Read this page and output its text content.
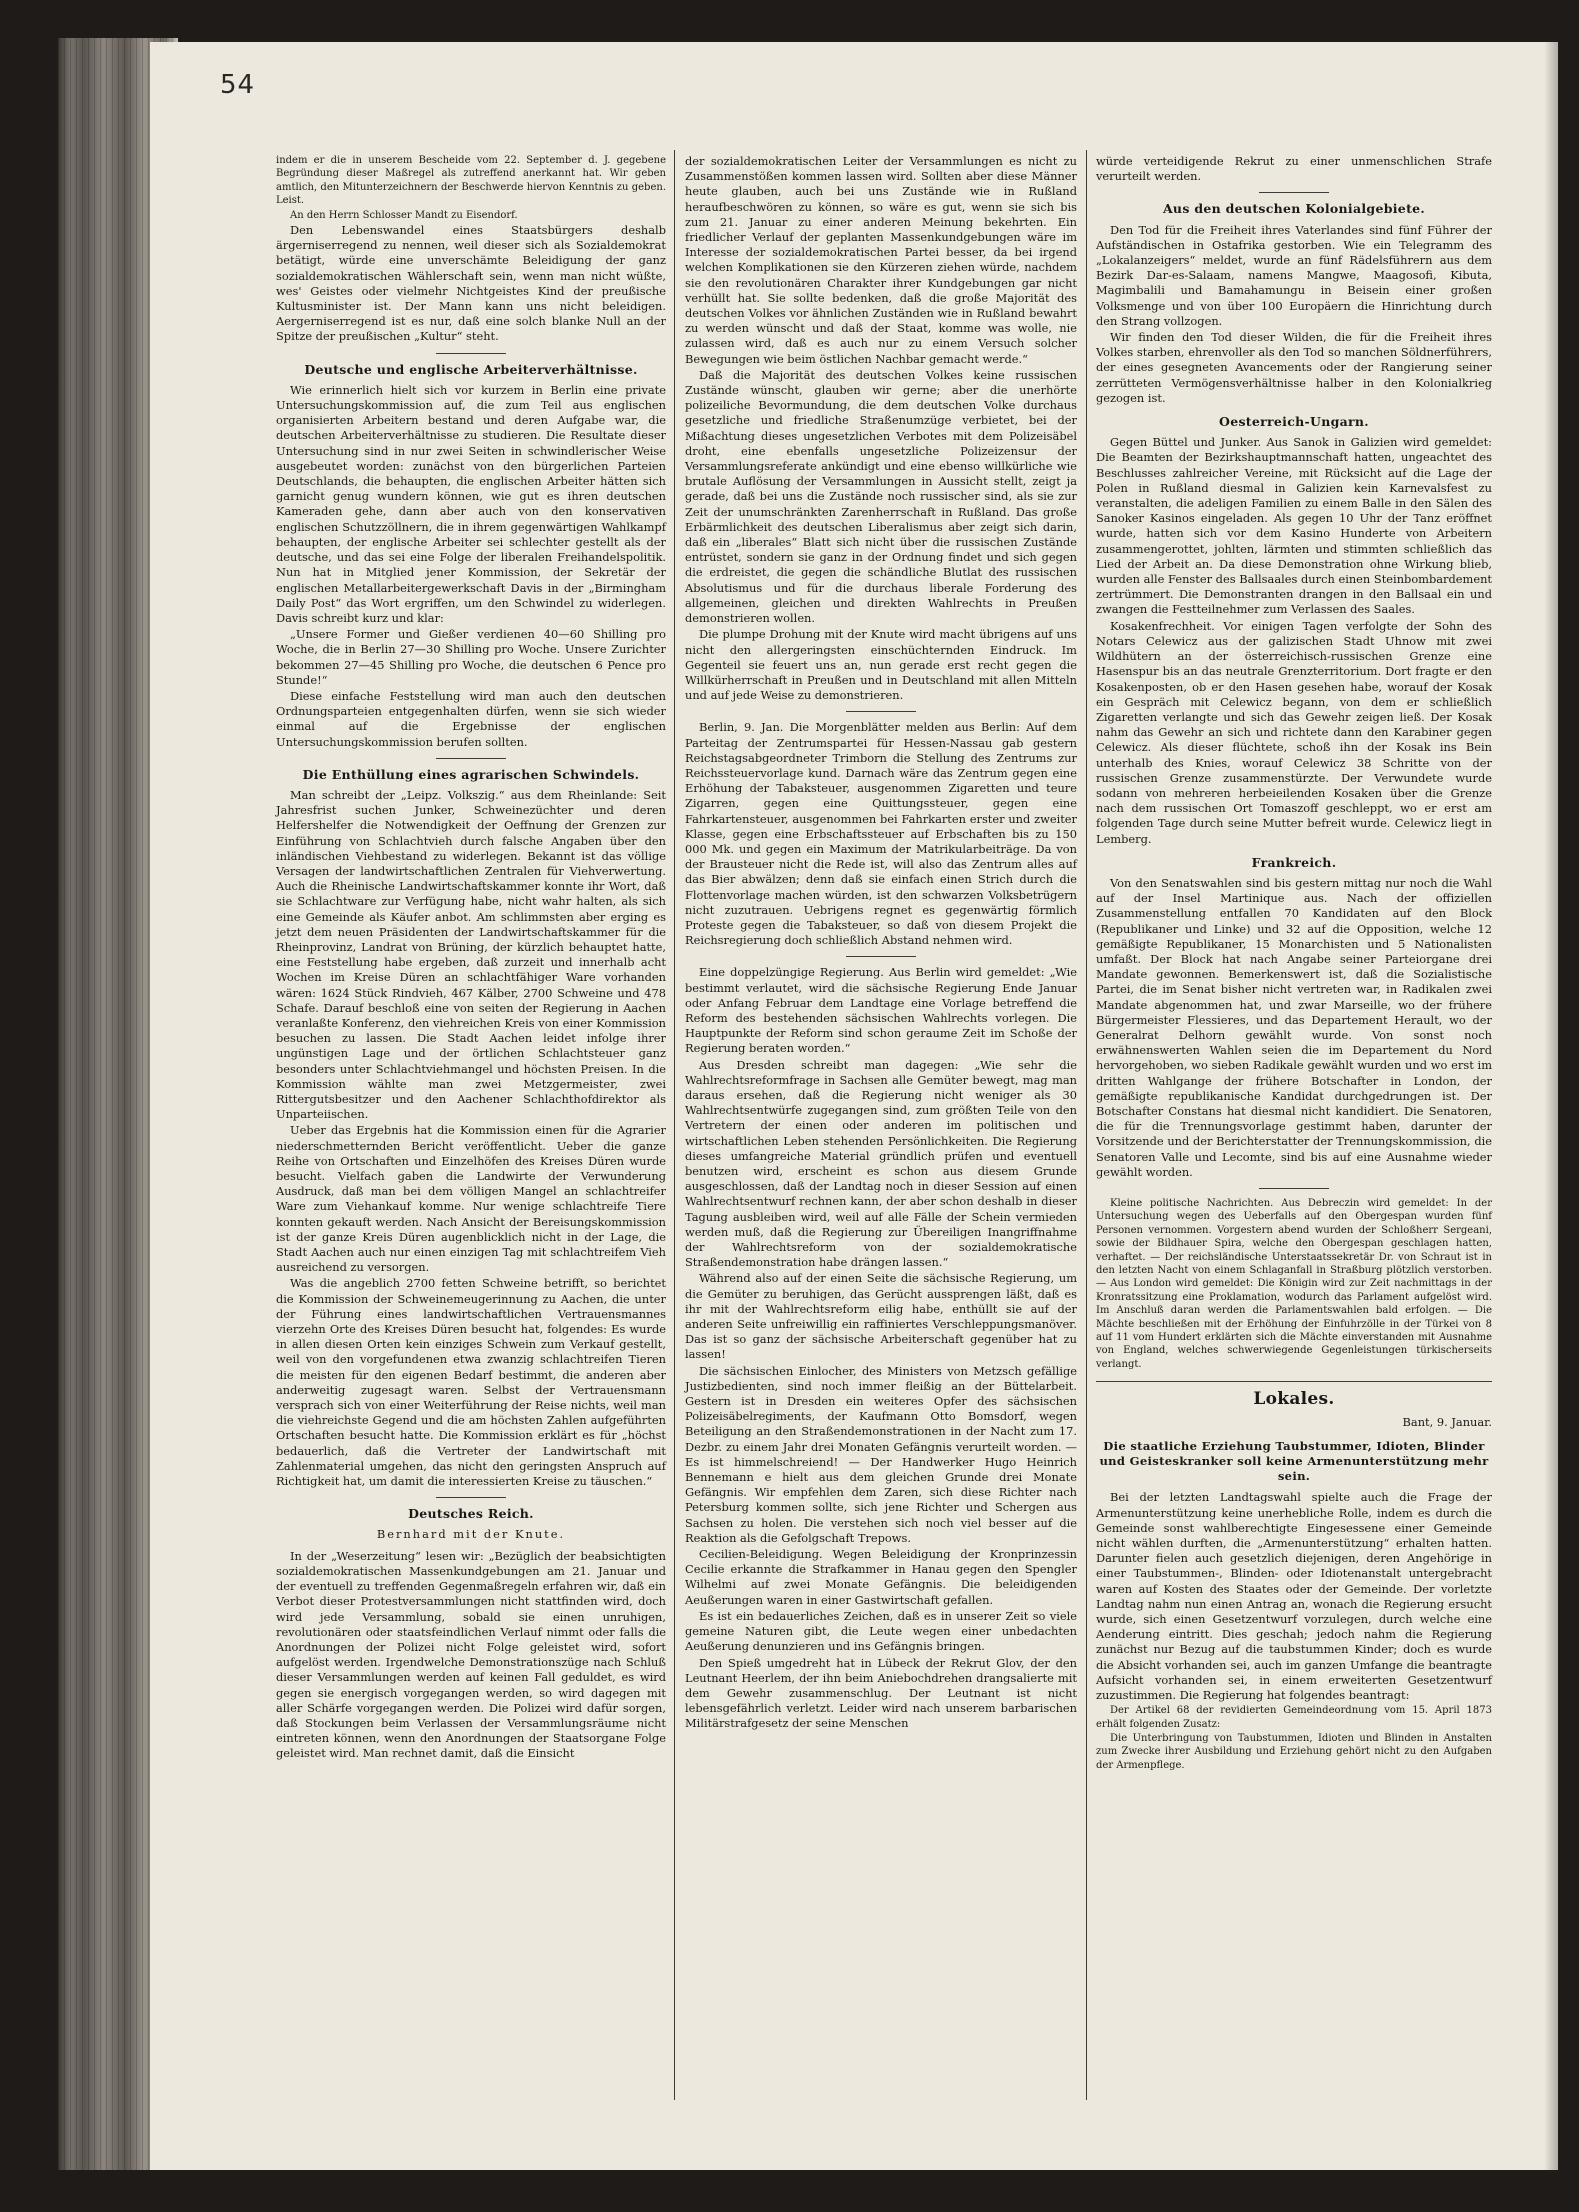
54

indem er die in unserem Bescheide vom 22. September d. J. gegebene Begründung dieser Maßregel als zutreffend anerkannt hat. Wir geben amtlich, den Mitunterzeichnern der Beschwerde hiervon Kenntnis zu geben. Leist.

An den Herrn Schlosser Mandt zu Eisendorf.

Den Lebenswandel eines Staatsbürgers deshalb ärgerniserregend zu nennen, weil dieser sich als Sozialdemokrat betätigt, würde eine unverschämte Beleidigung der ganz sozialdemokratischen Wählerschaft sein, wenn man nicht wüßte, wes' Geistes oder vielmehr Nichtgeistes Kind der preußische Kultusminister ist. Der Mann kann uns nicht beleidigen. Aergerniserregend ist es nur, daß eine solch blanke Null an der Spitze der preußischen „Kultur“ steht.

Deutsche und englische Arbeiterverhältnisse.

Wie erinnerlich hielt sich vor kurzem in Berlin eine private Untersuchungskommission auf, die zum Teil aus englischen organisierten Arbeitern bestand und deren Aufgabe war, die deutschen Arbeiterverhältnisse zu studieren. Die Resultate dieser Untersuchung sind in nur zwei Seiten in schwindlerischer Weise ausgebeutet worden: zunächst von den bürgerlichen Parteien Deutschlands, die behaupten, die englischen Arbeiter hätten sich garnicht genug wundern können, wie gut es ihren deutschen Kameraden gehe, dann aber auch von den konservativen englischen Schutzzöllnern, die in ihrem gegenwärtigen Wahlkampf behaupten, der englische Arbeiter sei schlechter gestellt als der deutsche, und das sei eine Folge der liberalen Freihandelspolitik. Nun hat in Mitglied jener Kommission, der Sekretär der englischen Metallarbeitergewerkschaft Davis in der „Birmingham Daily Post“ das Wort ergriffen, um den Schwindel zu widerlegen. Davis schreibt kurz und klar:

„Unsere Former und Gießer verdienen 40—60 Shilling pro Woche, die in Berlin 27—30 Shilling pro Woche. Unsere Zurichter bekommen 27—45 Shilling pro Woche, die deutschen 6 Pence pro Stunde!“

Diese einfache Feststellung wird man auch den deutschen Ordnungsparteien entgegenhalten dürfen, wenn sie sich wieder einmal auf die Ergebnisse der englischen Untersuchungskommission berufen sollten.

Die Enthüllung eines agrarischen Schwindels.

Man schreibt der „Leipz. Volkszig.“ aus dem Rheinlande: Seit Jahresfrist suchen Junker, Schweinezüchter und deren Helfershelfer die Notwendigkeit der Oeffnung der Grenzen zur Einführung von Schlachtvieh durch falsche Angaben über den inländischen Viehbestand zu widerlegen. Bekannt ist das völlige Versagen der landwirtschaftlichen Zentralen für Viehverwertung. Auch die Rheinische Landwirtschaftskammer konnte ihr Wort, daß sie Schlachtware zur Verfügung habe, nicht wahr halten, als sich eine Gemeinde als Käufer anbot. Am schlimmsten aber erging es jetzt dem neuen Präsidenten der Landwirtschaftskammer für die Rheinprovinz, Landrat von Brüning, der kürzlich behauptet hatte, eine Feststellung habe ergeben, daß zurzeit und innerhalb acht Wochen im Kreise Düren an schlachtfähiger Ware vorhanden wären: 1624 Stück Rindvieh, 467 Kälber, 2700 Schweine und 478 Schafe. Darauf beschloß eine von seiten der Regierung in Aachen veranlaßte Konferenz, den viehreichen Kreis von einer Kommission besuchen zu lassen. Die Stadt Aachen leidet infolge ihrer ungünstigen Lage und der örtlichen Schlachtsteuer ganz besonders unter Schlachtviehmangel und höchsten Preisen. In die Kommission wählte man zwei Metzgermeister, zwei Rittergutsbesitzer und den Aachener Schlachthofdirektor als Unparteiischen.

Ueber das Ergebnis hat die Kommission einen für die Agrarier niederschmetternden Bericht veröffentlicht. Ueber die ganze Reihe von Ortschaften und Einzelhöfen des Kreises Düren wurde besucht. Vielfach gaben die Landwirte der Verwunderung Ausdruck, daß man bei dem völligen Mangel an schlachtreifer Ware zum Viehankauf komme. Nur wenige schlachtreife Tiere konnten gekauft werden. Nach Ansicht der Bereisungskommission ist der ganze Kreis Düren augenblicklich nicht in der Lage, die Stadt Aachen auch nur einen einzigen Tag mit schlachtreifem Vieh ausreichend zu versorgen.

Was die angeblich 2700 fetten Schweine betrifft, so berichtet die Kommission der Schweinemeugerinnung zu Aachen, die unter der Führung eines landwirtschaftlichen Vertrauensmannes vierzehn Orte des Kreises Düren besucht hat, folgendes: Es wurde in allen diesen Orten kein einziges Schwein zum Verkauf gestellt, weil von den vorgefundenen etwa zwanzig schlachtreifen Tieren die meisten für den eigenen Bedarf bestimmt, die anderen aber anderweitig zugesagt waren. Selbst der Vertrauensmann versprach sich von einer Weiterführung der Reise nichts, weil man die viehreichste Gegend und die am höchsten Zahlen aufgeführten Ortschaften besucht hatte. Die Kommission erklärt es für „höchst bedauerlich, daß die Vertreter der Landwirtschaft mit Zahlenmaterial umgehen, das nicht den geringsten Anspruch auf Richtigkeit hat, um damit die interessierten Kreise zu täuschen.“

Deutsches Reich.
Bernhard mit der Knute.

In der „Weserzeitung“ lesen wir: „Bezüglich der beabsichtigten sozialdemokratischen Massenkundgebungen am 21. Januar und der eventuell zu treffenden Gegenmaßregeln erfahren wir, daß ein Verbot dieser Protestversammlungen nicht stattfinden wird, doch wird jede Versammlung, sobald sie einen unruhigen, revolutionären oder staatsfeindlichen Verlauf nimmt oder falls die Anordnungen der Polizei nicht Folge geleistet wird, sofort aufgelöst werden. Irgendwelche Demonstrationszüge nach Schluß dieser Versammlungen werden auf keinen Fall geduldet, es wird gegen sie energisch vorgegangen werden, so wird dagegen mit aller Schärfe vorgegangen werden. Die Polizei wird dafür sorgen, daß Stockungen beim Verlassen der Versammlungsräume nicht eintreten können, wenn den Anordnungen der Staatsorgane Folge geleistet wird. Man rechnet damit, daß die Einsicht

der sozialdemokratischen Leiter der Versammlungen es nicht zu Zusammenstößen kommen lassen wird. Sollten aber diese Männer heute glauben, auch bei uns Zustände wie in Rußland heraufbeschwören zu können, so wäre es gut, wenn sie sich bis zum 21. Januar zu einer anderen Meinung bekehrten. Ein friedlicher Verlauf der geplanten Massenkundgebungen wäre im Interesse der sozialdemokratischen Partei besser, da bei irgend welchen Komplikationen sie den Kürzeren ziehen würde, nachdem sie den revolutionären Charakter ihrer Kundgebungen gar nicht verhüllt hat. Sie sollte bedenken, daß die große Majorität des deutschen Volkes vor ähnlichen Zuständen wie in Rußland bewahrt zu werden wünscht und daß der Staat, komme was wolle, nie zulassen wird, daß es auch nur zu einem Versuch solcher Bewegungen wie beim östlichen Nachbar gemacht werde.“

Daß die Majorität des deutschen Volkes keine russischen Zustände wünscht, glauben wir gerne; aber die unerhörte polizeiliche Bevormundung, die dem deutschen Volke durchaus gesetzliche und friedliche Straßenumzüge verbietet, bei der Mißachtung dieses ungesetzlichen Verbotes mit dem Polizeisäbel droht, eine ebenfalls ungesetzliche Polizeizensur der Versammlungsreferate ankündigt und eine ebenso willkürliche wie brutale Auflösung der Versammlungen in Aussicht stellt, zeigt ja gerade, daß bei uns die Zustände noch russischer sind, als sie zur Zeit der unumschränkten Zarenherrschaft in Rußland. Das große Erbärmlichkeit des deutschen Liberalismus aber zeigt sich darin, daß ein „liberales“ Blatt sich nicht über die russischen Zustände entrüstet, sondern sie ganz in der Ordnung findet und sich gegen die erdreistet, die gegen die schändliche Blutlat des russischen Absolutismus und für die durchaus liberale Forderung des allgemeinen, gleichen und direkten Wahlrechts in Preußen demonstrieren wollen.

Die plumpe Drohung mit der Knute wird macht übrigens auf uns nicht den allergeringsten einschüchternden Eindruck. Im Gegenteil sie feuert uns an, nun gerade erst recht gegen die Willkürherrschaft in Preußen und in Deutschland mit allen Mitteln und auf jede Weise zu demonstrieren.

Berlin, 9. Jan. Die Morgenblätter melden aus Berlin: Auf dem Parteitag der Zentrumspartei für Hessen-Nassau gab gestern Reichstagsabgeordneter Trimborn die Stellung des Zentrums zur Reichssteuervorlage kund. Darnach wäre das Zentrum gegen eine Erhöhung der Tabaksteuer, ausgenommen Zigaretten und teure Zigarren, gegen eine Quittungssteuer, gegen eine Fahrkartensteuer, ausgenommen bei Fahrkarten erster und zweiter Klasse, gegen eine Erbschaftssteuer auf Erbschaften bis zu 150 000 Mk. und gegen ein Maximum der Matrikularbeiträge. Da von der Brausteuer nicht die Rede ist, will also das Zentrum alles auf das Bier abwälzen; denn daß sie einfach einen Strich durch die Flottenvorlage machen würden, ist den schwarzen Volksbetrügern nicht zuzutrauen. Uebrigens regnet es gegenwärtig förmlich Proteste gegen die Tabaksteuer, so daß von diesem Projekt die Reichsregierung doch schließlich Abstand nehmen wird.

Eine doppelzüngige Regierung. Aus Berlin wird gemeldet: „Wie bestimmt verlautet, wird die sächsische Regierung Ende Januar oder Anfang Februar dem Landtage eine Vorlage betreffend die Reform des bestehenden sächsischen Wahlrechts vorlegen. Die Hauptpunkte der Reform sind schon geraume Zeit im Schoße der Regierung beraten worden.“

Aus Dresden schreibt man dagegen: „Wie sehr die Wahlrechtsreformfrage in Sachsen alle Gemüter bewegt, mag man daraus ersehen, daß die Regierung nicht weniger als 30 Wahlrechtsentwürfe zugegangen sind, zum größten Teile von den Vertretern der einen oder anderen im politischen und wirtschaftlichen Leben stehenden Persönlichkeiten. Die Regierung dieses umfangreiche Material gründlich prüfen und eventuell benutzen wird, erscheint es schon aus diesem Grunde ausgeschlossen, daß der Landtag noch in dieser Session auf einen Wahlrechtsentwurf rechnen kann, der aber schon deshalb in dieser Tagung ausbleiben wird, weil auf alle Fälle der Schein vermieden werden muß, daß die Regierung zur Übereiligen Inangriffnahme der Wahlrechtsreform von der sozialdemokratische Straßendemonstration habe drängen lassen.“

Während also auf der einen Seite die sächsische Regierung, um die Gemüter zu beruhigen, das Gerücht aussprengen läßt, daß es ihr mit der Wahlrechtsreform eilig habe, enthüllt sie auf der anderen Seite unfreiwillig ein raffiniertes Verschleppungsmanöver. Das ist so ganz der sächsische Arbeiterschaft gegenüber hat zu lassen!

Die sächsischen Einlocher, des Ministers von Metzsch gefällige Justizbedienten, sind noch immer fleißig an der Büttelarbeit. Gestern ist in Dresden ein weiteres Opfer des sächsischen Polizeisäbelregiments, der Kaufmann Otto Bomsdorf, wegen Beteiligung an den Straßendemonstrationen in der Nacht zum 17. Dezbr. zu einem Jahr drei Monaten Gefängnis verurteilt worden. — Es ist himmelschreiend! — Der Handwerker Hugo Heinrich Bennemann e hielt aus dem gleichen Grunde drei Monate Gefängnis. Wir empfehlen dem Zaren, sich diese Richter nach Petersburg kommen sollte, sich jene Richter und Schergen aus Sachsen zu holen. Die verstehen sich noch viel besser auf die Reaktion als die Gefolgschaft Trepows.

Cecilien-Beleidigung. Wegen Beleidigung der Kronprinzessin Cecilie erkannte die Strafkammer in Hanau gegen den Spengler Wilhelmi auf zwei Monate Gefängnis. Die beleidigenden Aeußerungen waren in einer Gastwirtschaft gefallen.

Es ist ein bedauerliches Zeichen, daß es in unserer Zeit so viele gemeine Naturen gibt, die Leute wegen einer unbedachten Aeußerung denunzieren und ins Gefängnis bringen.

Den Spieß umgedreht hat in Lübeck der Rekrut Glov, der den Leutnant Heerlem, der ihn beim Aniebochdrehen drangsalierte mit dem Gewehr zusammenschlug. Der Leutnant ist nicht lebensgefährlich verletzt. Leider wird nach unserem barbarischen Militärstrafgesetz der seine Menschen

würde verteidigende Rekrut zu einer unmenschlichen Strafe verurteilt werden.

Aus den deutschen Kolonialgebiete.

Den Tod für die Freiheit ihres Vaterlandes sind fünf Führer der Aufständischen in Ostafrika gestorben. Wie ein Telegramm des „Lokalanzeigers“ meldet, wurde an fünf Rädelsführern aus dem Bezirk Dar-es-Salaam, namens Mangwe, Maagosofi, Kibuta, Magimbalili und Bamahamungu in Beisein einer großen Volksmenge und von über 100 Europäern die Hinrichtung durch den Strang vollzogen.

Wir finden den Tod dieser Wilden, die für die Freiheit ihres Volkes starben, ehrenvoller als den Tod so manchen Söldnerführers, der eines gesegneten Avancements oder der Rangierung seiner zerrütteten Vermögensverhältnisse halber in den Kolonialkrieg gezogen ist.

Oesterreich-Ungarn.

Gegen Büttel und Junker. Aus Sanok in Galizien wird gemeldet: Die Beamten der Bezirkshauptmannschaft hatten, ungeachtet des Beschlusses zahlreicher Vereine, mit Rücksicht auf die Lage der Polen in Rußland diesmal in Galizien kein Karnevalsfest zu veranstalten, die adeligen Familien zu einem Balle in den Sälen des Sanoker Kasinos eingeladen. Als gegen 10 Uhr der Tanz eröffnet wurde, hatten sich vor dem Kasino Hunderte von Arbeitern zusammengerottet, johlten, lärmten und stimmten schließlich das Lied der Arbeit an. Da diese Demonstration ohne Wirkung blieb, wurden alle Fenster des Ballsaales durch einen Steinbombardement zertrümmert. Die Demonstranten drangen in den Ballsaal ein und zwangen die Festteilnehmer zum Verlassen des Saales.

Kosakenfrechheit. Vor einigen Tagen verfolgte der Sohn des Notars Celewicz aus der galizischen Stadt Uhnow mit zwei Wildhütern an der österreichisch-russischen Grenze eine Hasenspur bis an das neutrale Grenzterritorium. Dort fragte er den Kosakenposten, ob er den Hasen gesehen habe, worauf der Kosak ein Gespräch mit Celewicz begann, von dem er schließlich Zigaretten verlangte und sich das Gewehr zeigen ließ. Der Kosak nahm das Gewehr an sich und richtete dann den Karabiner gegen Celewicz. Als dieser flüchtete, schoß ihn der Kosak ins Bein unterhalb des Knies, worauf Celewicz 38 Schritte von der russischen Grenze zusammenstürzte. Der Verwundete wurde sodann von mehreren herbeieilenden Kosaken über die Grenze nach dem russischen Ort Tomaszoff geschleppt, wo er erst am folgenden Tage durch seine Mutter befreit wurde. Celewicz liegt in Lemberg.

Frankreich.

Von den Senatswahlen sind bis gestern mittag nur noch die Wahl auf der Insel Martinique aus. Nach der offiziellen Zusammenstellung entfallen 70 Kandidaten auf den Block (Republikaner und Linke) und 32 auf die Opposition, welche 12 gemäßigte Republikaner, 15 Monarchisten und 5 Nationalisten umfaßt. Der Block hat nach Angabe seiner Parteiorgane drei Mandate gewonnen. Bemerkenswert ist, daß die Sozialistische Partei, die im Senat bisher nicht vertreten war, in Radikalen zwei Mandate abgenommen hat, und zwar Marseille, wo der frühere Bürgermeister Flessieres, und das Departement Herault, wo der Generalrat Delhorn gewählt wurde. Von sonst noch erwähnenswerten Wahlen seien die im Departement du Nord hervorgehoben, wo sieben Radikale gewählt wurden und wo erst im dritten Wahlgange der frühere Botschafter in London, der gemäßigte republikanische Kandidat durchgedrungen ist. Der Botschafter Constans hat diesmal nicht kandidiert. Die Senatoren, die für die Trennungsvorlage gestimmt haben, darunter der Vorsitzende und der Berichterstatter der Trennungskommission, die Senatoren Valle und Lecomte, sind bis auf eine Ausnahme wieder gewählt worden.

Kleine politische Nachrichten. Aus Debreczin wird gemeldet: In der Untersuchung wegen des Ueberfalls auf den Obergespan wurden fünf Personen vernommen. Vorgestern abend wurden der Schloßherr Sergeani, sowie der Bildhauer Spira, welche den Obergespan geschlagen hatten, verhaftet. — Der reichsländische Unterstaatssekretär Dr. von Schraut ist in den letzten Nacht von einem Schlaganfall in Straßburg plötzlich verstorben. — Aus London wird gemeldet: Die Königin wird zur Zeit nachmittags in der Kronratssitzung eine Proklamation, wodurch das Parlament aufgelöst wird. Im Anschluß daran werden die Parlamentswahlen bald erfolgen. — Die Mächte beschließen mit der Erhöhung der Einfuhrzölle in der Türkei von 8 auf 11 vom Hundert erklärten sich die Mächte einverstanden mit Ausnahme von England, welches schwerwiegende Gegenleistungen türkischerseits verlangt.

Lokales.

Bant, 9. Januar.

Die staatliche Erziehung Taubstummer, Idioten, Blinder und Geisteskranker soll keine Armenunterstützung mehr sein.

Bei der letzten Landtagswahl spielte auch die Frage der Armenunterstützung keine unerhebliche Rolle, indem es durch die Gemeinde sonst wahlberechtigte Eingesessene einer Gemeinde nicht wählen durften, die „Armenunterstützung“ erhalten hatten. Darunter fielen auch gesetzlich diejenigen, deren Angehörige in einer Taubstummen-, Blinden- oder Idiotenanstalt untergebracht waren auf Kosten des Staates oder der Gemeinde. Der vorletzte Landtag nahm nun einen Antrag an, wonach die Regierung ersucht wurde, sich einen Gesetzentwurf vorzulegen, durch welche eine Aenderung eintritt. Dies geschah; jedoch nahm die Regierung zunächst nur Bezug auf die taubstummen Kinder; doch es wurde die Absicht vorhanden sei, auch im ganzen Umfange die beantragte Aufsicht vorhanden sei, in einem erweiterten Gesetzentwurf zuzustimmen. Die Regierung hat folgendes beantragt:

Der Artikel 68 der revidierten Gemeindeordnung vom 15. April 1873 erhält folgenden Zusatz:

Die Unterbringung von Taubstummen, Idioten und Blinden in Anstalten zum Zwecke ihrer Ausbildung und Erziehung gehört nicht zu den Aufgaben der Armenpflege.
